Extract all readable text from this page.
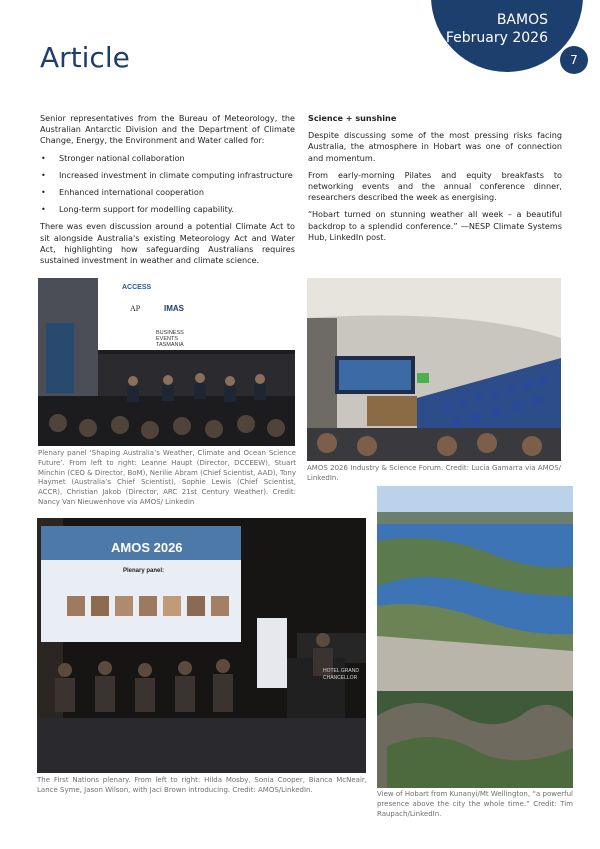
BAMOS
February 2026
7
Article

Senior representatives from the Bureau of Meteorology, the Australian Antarctic Division and the Department of Climate Change, Energy, the Environment and Water called for:

• Stronger national collaboration
• Increased investment in climate computing infrastructure
• Enhanced international cooperation
• Long-term support for modelling capability.

There was even discussion around a potential Climate Act to sit alongside Australia's existing Meteorology Act and Water Act, highlighting how safeguarding Australians requires sustained investment in weather and climate science.

Science + sunshine

Despite discussing some of the most pressing risks facing Australia, the atmosphere in Hobart was one of connection and momentum.

From early-morning Pilates and equity breakfasts to networking events and the annual conference dinner, researchers described the week as energising.

“Hobart turned on stunning weather all week – a beautiful backdrop to a splendid conference.” —NESP Climate Systems Hub, LinkedIn post.

ACCESS
AP	IMAS
BUSINESS
EVENTS
TASMANIA
Plenary panel ‘Shaping Australia’s Weather, Climate and Ocean Science Future’. From left to right: Leanne Haupt (Director, DCCEEW), Stuart Minchin (CEO & Director, BoM), Nerilie Abram (Chief Scientist, AAD), Tony Haymet (Australia’s Chief Scientist), Sophie Lewis (Chief Scientist, ACCR), Christian Jakob (Director, ARC 21st Century Weather). Credit: Nancy Van Nieuwenhove via AMOS/ Linkedin
AMOS 2026 Industry & Science Forum. Credit: Lucia Gamarra via AMOS/ LinkedIn.
AMOS 2026
Plenary panel:
HOTEL GRAND CHANCELLOR
The First Nations plenary. From left to right: Hilda Mosby, Sonia Cooper, Bianca McNeair, Lance Syme, Jason Wilson, with Jaci Brown introducing. Credit: AMOS/LinkedIn.
View of Hobart from Kunanyi/Mt Wellington, “a powerful presence above the city the whole time.” Credit: Tim Raupach/LinkedIn.
